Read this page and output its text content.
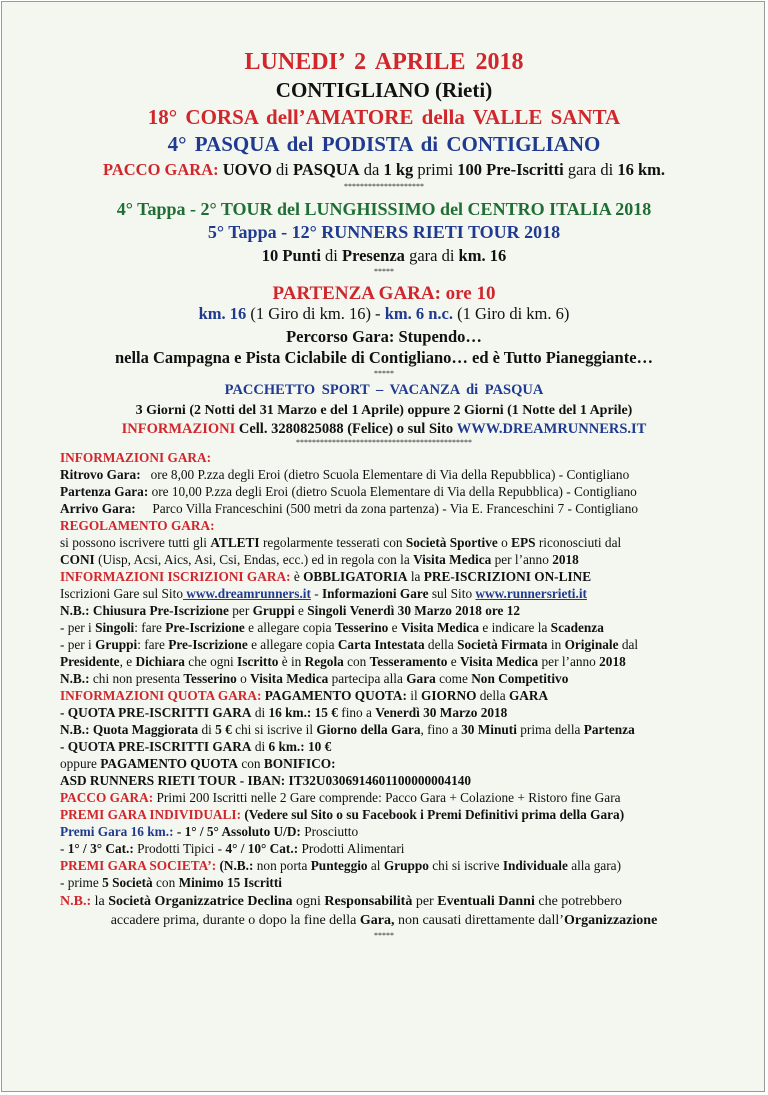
LUNEDI’ 2 APRILE 2018
CONTIGLIANO (Rieti)
18° CORSA dell’AMATORE della VALLE SANTA
4° PASQUA del PODISTA di CONTIGLIANO
PACCO GARA: UOVO di PASQUA da 1 kg primi 100 Pre-Iscritti gara di 16 km.
********************
4° Tappa - 2° TOUR del LUNGHISSIMO del CENTRO ITALIA 2018
5° Tappa - 12° RUNNERS RIETI TOUR 2018
10 Punti di Presenza gara di km. 16
*****
PARTENZA GARA: ore 10
km. 16 (1 Giro di km. 16) - km. 6 n.c. (1 Giro di km. 6)
Percorso Gara: Stupendo…
nella Campagna e Pista Ciclabile di Contigliano… ed è Tutto Pianeggiante…
*****
PACCHETTO SPORT – VACANZA di PASQUA
3 Giorni (2 Notti del 31 Marzo e del 1 Aprile) oppure 2 Giorni (1 Notte del 1 Aprile)
INFORMAZIONI Cell. 3280825088 (Felice) o sul Sito WWW.DREAMRUNNERS.IT
********************************************
INFORMAZIONI GARA:
Ritrovo Gara: ore 8,00 P.zza degli Eroi (dietro Scuola Elementare di Via della Repubblica) - Contigliano
Partenza Gara: ore 10,00 P.zza degli Eroi (dietro Scuola Elementare di Via della Repubblica) - Contigliano
Arrivo Gara: Parco Villa Franceschini (500 metri da zona partenza) - Via E. Franceschini 7 - Contigliano
REGOLAMENTO GARA:
si possono iscrivere tutti gli ATLETI regolarmente tesserati con Società Sportive o EPS riconosciuti dal
CONI (Uisp, Acsi, Aics, Asi, Csi, Endas, ecc.) ed in regola con la Visita Medica per l’anno 2018
INFORMAZIONI ISCRIZIONI GARA: è OBBLIGATORIA la PRE-ISCRIZIONI ON-LINE
Iscrizioni Gare sul Sito www.dreamrunners.it - Informazioni Gare sul Sito www.runnersrieti.it
N.B.: Chiusura Pre-Iscrizione per Gruppi e Singoli Venerdì 30 Marzo 2018 ore 12
- per i Singoli: fare Pre-Iscrizione e allegare copia Tesserino e Visita Medica e indicare la Scadenza
- per i Gruppi: fare Pre-Iscrizione e allegare copia Carta Intestata della Società Firmata in Originale dal
Presidente, e Dichiara che ogni Iscritto è in Regola con Tesseramento e Visita Medica per l’anno 2018
N.B.: chi non presenta Tesserino o Visita Medica partecipa alla Gara come Non Competitivo
INFORMAZIONI QUOTA GARA: PAGAMENTO QUOTA: il GIORNO della GARA
- QUOTA PRE-ISCRITTI GARA di 16 km.: 15 € fino a Venerdì 30 Marzo 2018
N.B.: Quota Maggiorata di 5 € chi si iscrive il Giorno della Gara, fino a 30 Minuti prima della Partenza
- QUOTA PRE-ISCRITTI GARA di 6 km.: 10 €
oppure PAGAMENTO QUOTA con BONIFICO:
ASD RUNNERS RIETI TOUR - IBAN: IT32U0306914601100000004140
PACCO GARA: Primi 200 Iscritti nelle 2 Gare comprende: Pacco Gara + Colazione + Ristoro fine Gara
PREMI GARA INDIVIDUALI: (Vedere sul Sito o su Facebook i Premi Definitivi prima della Gara)
Premi Gara 16 km.: - 1° / 5° Assoluto U/D: Prosciutto
- 1° / 3° Cat.: Prodotti Tipici - 4° / 10° Cat.: Prodotti Alimentari
PREMI GARA SOCIETA’: (N.B.: non porta Punteggio al Gruppo chi si iscrive Individuale alla gara)
- prime 5 Società con Minimo 15 Iscritti
N.B.: la Società Organizzatrice Declina ogni Responsabilità per Eventuali Danni che potrebbero
accadere prima, durante o dopo la fine della Gara, non causati direttamente dall’Organizzazione
*****
